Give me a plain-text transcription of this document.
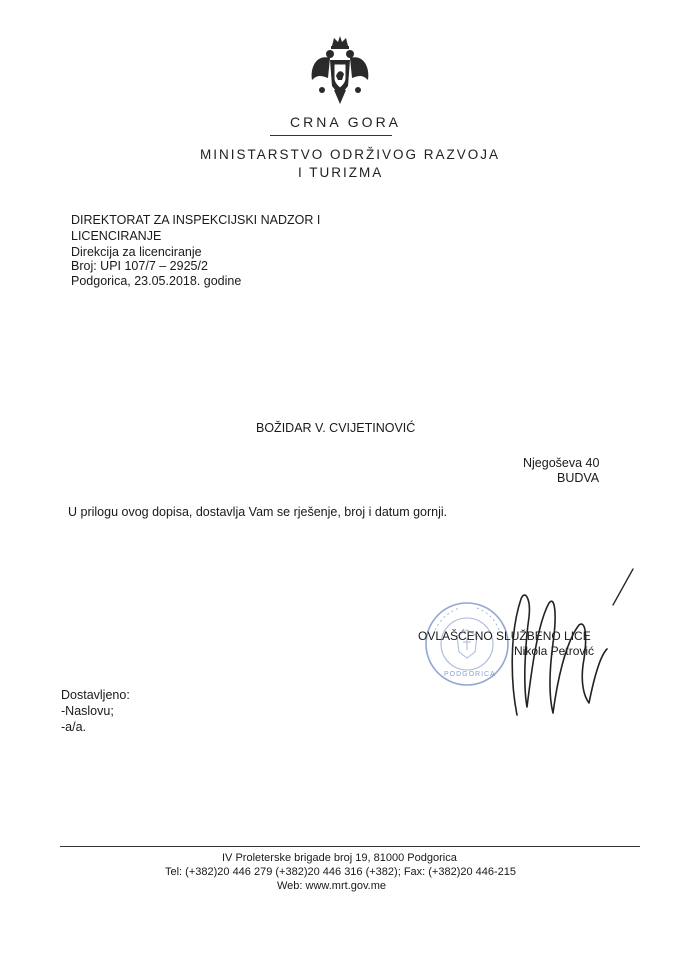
CRNA GORA
MINISTARSTVO ODRŽIVOG RAZVOJA
I TURIZMA
DIREKTORAT ZA INSPEKCIJSKI NADZOR I
LICENCIRANJE
Direkcija za licenciranje
Broj: UPI 107/7 – 2925/2
Podgorica, 23.05.2018. godine
BOŽIDAR V. CVIJETINOVIĆ
Njegoševa 40
BUDVA
U prilogu ovog dopisa, dostavlja Vam se rješenje, broj i datum gornji.
PODGORICA
OVLAŠĆENO SLUŽBENO LICE
Nikola Petrović
Dostavljeno:
-Naslovu;
-a/a.
IV Proleterske brigade broj 19, 81000 Podgorica
Tel: (+382)20 446 279 (+382)20 446 316 (+382); Fax: (+382)20 446-215
Web: www.mrt.gov.me
